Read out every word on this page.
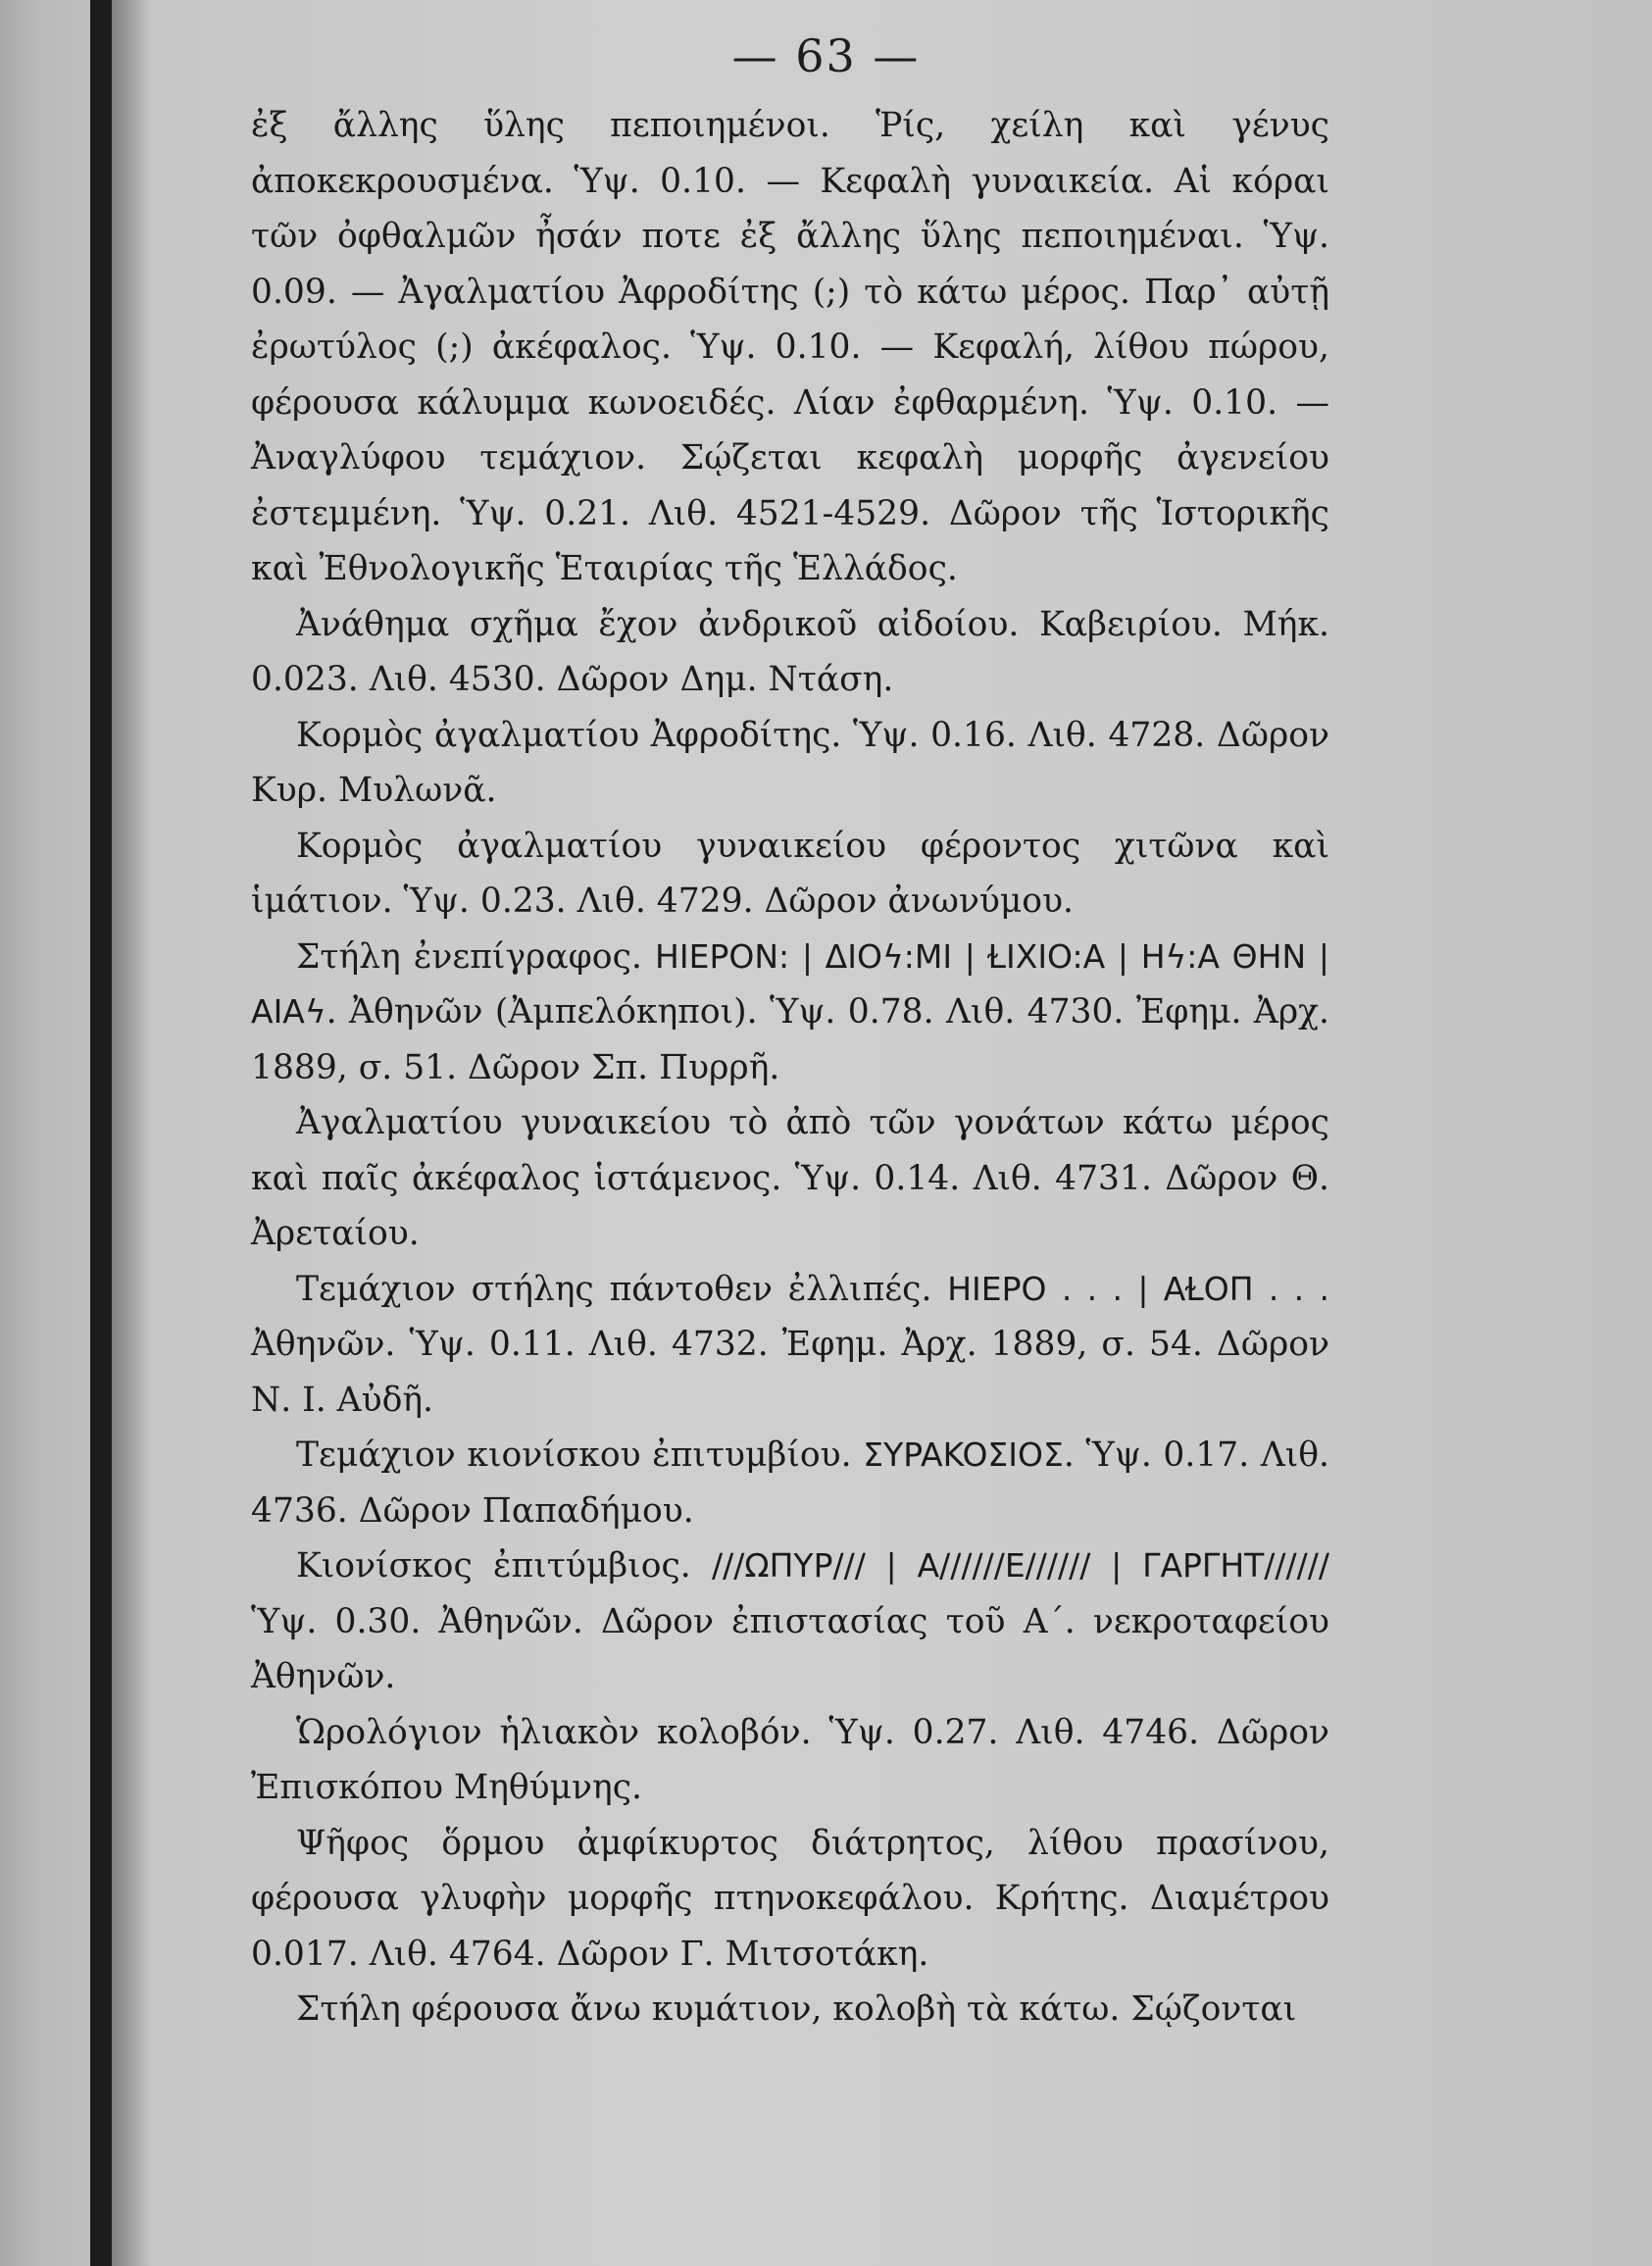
— 63 —

ἐξ ἄλλης ὕλης πεποιημένοι. Ῥίς, χείλη καὶ γένυς ἀποκεκρουσμένα. Ὑψ. 0.10. — Κεφαλὴ γυναικεία. Αἱ κόραι τῶν ὀφθαλμῶν ἦσάν ποτε ἐξ ἄλλης ὕλης πεποιημέναι. Ὑψ. 0.09. — Ἀγαλματίου Ἀφροδίτης (;) τὸ κάτω μέρος. Παρ᾽ αὐτῇ ἐρωτύλος (;) ἀκέφαλος. Ὑψ. 0.10. — Κεφαλή, λίθου πώρου, φέρουσα κάλυμμα κωνοειδές. Λίαν ἐφθαρμένη. Ὑψ. 0.10. — Ἀναγλύφου τεμάχιον. Σῴζεται κεφαλὴ μορφῆς ἀγενείου ἐστεμμένη. Ὑψ. 0.21. Λιθ. 4521-4529. Δῶρον τῆς Ἱστορικῆς καὶ Ἐθνολογικῆς Ἑταιρίας τῆς Ἑλλάδος.

Ἀνάθημα σχῆμα ἔχον ἀνδρικοῦ αἰδοίου. Καβειρίου. Μήκ. 0.023. Λιθ. 4530. Δῶρον Δημ. Ντάση.

Κορμὸς ἀγαλματίου Ἀφροδίτης. Ὑψ. 0.16. Λιθ. 4728. Δῶρον Κυρ. Μυλωνᾶ.

Κορμὸς ἀγαλματίου γυναικείου φέροντος χιτῶνα καὶ ἱμάτιον. Ὑψ. 0.23. Λιθ. 4729. Δῶρον ἀνωνύμου.

Στήλη ἐνεπίγραφος. HIEPON: | ΔIOϟ:MI | ⱢIXIO:A | Hϟ:A ΘHN | AIAϟ. Ἀθηνῶν (Ἀμπελόκηποι). Ὑψ. 0.78. Λιθ. 4730. Ἐφημ. Ἀρχ. 1889, σ. 51. Δῶρον Σπ. Πυρρῆ.

Ἀγαλματίου γυναικείου τὸ ἀπὸ τῶν γονάτων κάτω μέρος καὶ παῖς ἀκέφαλος ἱστάμενος. Ὑψ. 0.14. Λιθ. 4731. Δῶρον Θ. Ἀρεταίου.

Τεμάχιον στήλης πάντοθεν ἐλλιπές. HIEPO . . . | AⱢOΠ . . . Ἀθηνῶν. Ὑψ. 0.11. Λιθ. 4732. Ἐφημ. Ἀρχ. 1889, σ. 54. Δῶρον Ν. Ι. Αὐδῆ.

Τεμάχιον κιονίσκου ἐπιτυμβίου. ΣYPAKOΣIOΣ. Ὑψ. 0.17. Λιθ. 4736. Δῶρον Παπαδήμου.

Κιονίσκος ἐπιτύμβιος. ///ΩΠYP/// | A//////E////// | ΓAPΓHT////// Ὑψ. 0.30. Ἀθηνῶν. Δῶρον ἐπιστασίας τοῦ Α΄. νεκροταφείου Ἀθηνῶν.

Ὡρολόγιον ἡλιακὸν κολοβόν. Ὑψ. 0.27. Λιθ. 4746. Δῶρον Ἐπισκόπου Μηθύμνης.

Ψῆφος ὅρμου ἀμφίκυρτος διάτρητος, λίθου πρασίνου, φέρουσα γλυφὴν μορφῆς πτηνοκεφάλου. Κρήτης. Διαμέτρου 0.017. Λιθ. 4764. Δῶρον Γ. Μιτσοτάκη.

Στήλη φέρουσα ἄνω κυμάτιον, κολοβὴ τὰ κάτω. Σῴζονται
